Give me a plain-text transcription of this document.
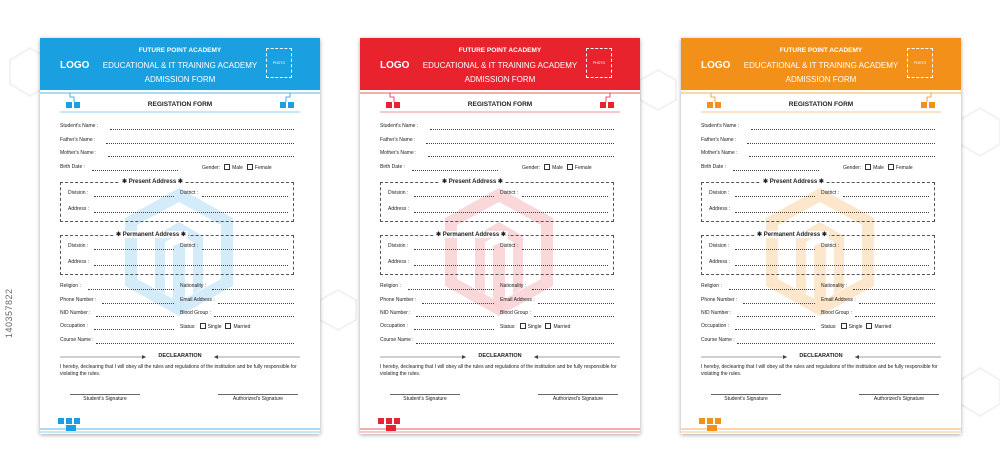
140357822
LOGO
FUTURE POINT ACADEMY
EDUCATIONAL & IT TRAINING ACADEMY
ADMISSION FORM
PHOTO
REGISTATION FORM
Student's Name :
Father's Name :
Mother's Name :
Birth Date :	Gender: Male Female
✱ Present Address ✱
Division :	District :
Address :
✱ Permanent Address ✱
Division :	District :
Address :
Religion :	Nationality :
Phone Number :	Email Address :
NID Number :	Blood Group :
Occupation :	Status: Single Married
Course Name :
DECLEARATION
I hereby, declearing that I will obey all the rules and regulations of the institution and be fully responsible for violating the rules.
Student's Signature	Authorized's Signature
LOGO
FUTURE POINT ACADEMY
EDUCATIONAL & IT TRAINING ACADEMY
ADMISSION FORM
PHOTO
REGISTATION FORM
Student's Name :
Father's Name :
Mother's Name :
Birth Date :	Gender: Male Female
✱ Present Address ✱
Division :	District :
Address :
✱ Permanent Address ✱
Division :	District :
Address :
Religion :	Nationality :
Phone Number :	Email Address :
NID Number :	Blood Group :
Occupation :	Status: Single Married
Course Name :
DECLEARATION
I hereby, declearing that I will obey all the rules and regulations of the institution and be fully responsible for violating the rules.
Student's Signature	Authorized's Signature
LOGO
FUTURE POINT ACADEMY
EDUCATIONAL & IT TRAINING ACADEMY
ADMISSION FORM
PHOTO
REGISTATION FORM
Student's Name :
Father's Name :
Mother's Name :
Birth Date :	Gender: Male Female
✱ Present Address ✱
Division :	District :
Address :
✱ Permanent Address ✱
Division :	District :
Address :
Religion :	Nationality :
Phone Number :	Email Address :
NID Number :	Blood Group :
Occupation :	Status: Single Married
Course Name :
DECLEARATION
I hereby, declearing that I will obey all the rules and regulations of the institution and be fully responsible for violating the rules.
Student's Signature	Authorized's Signature
